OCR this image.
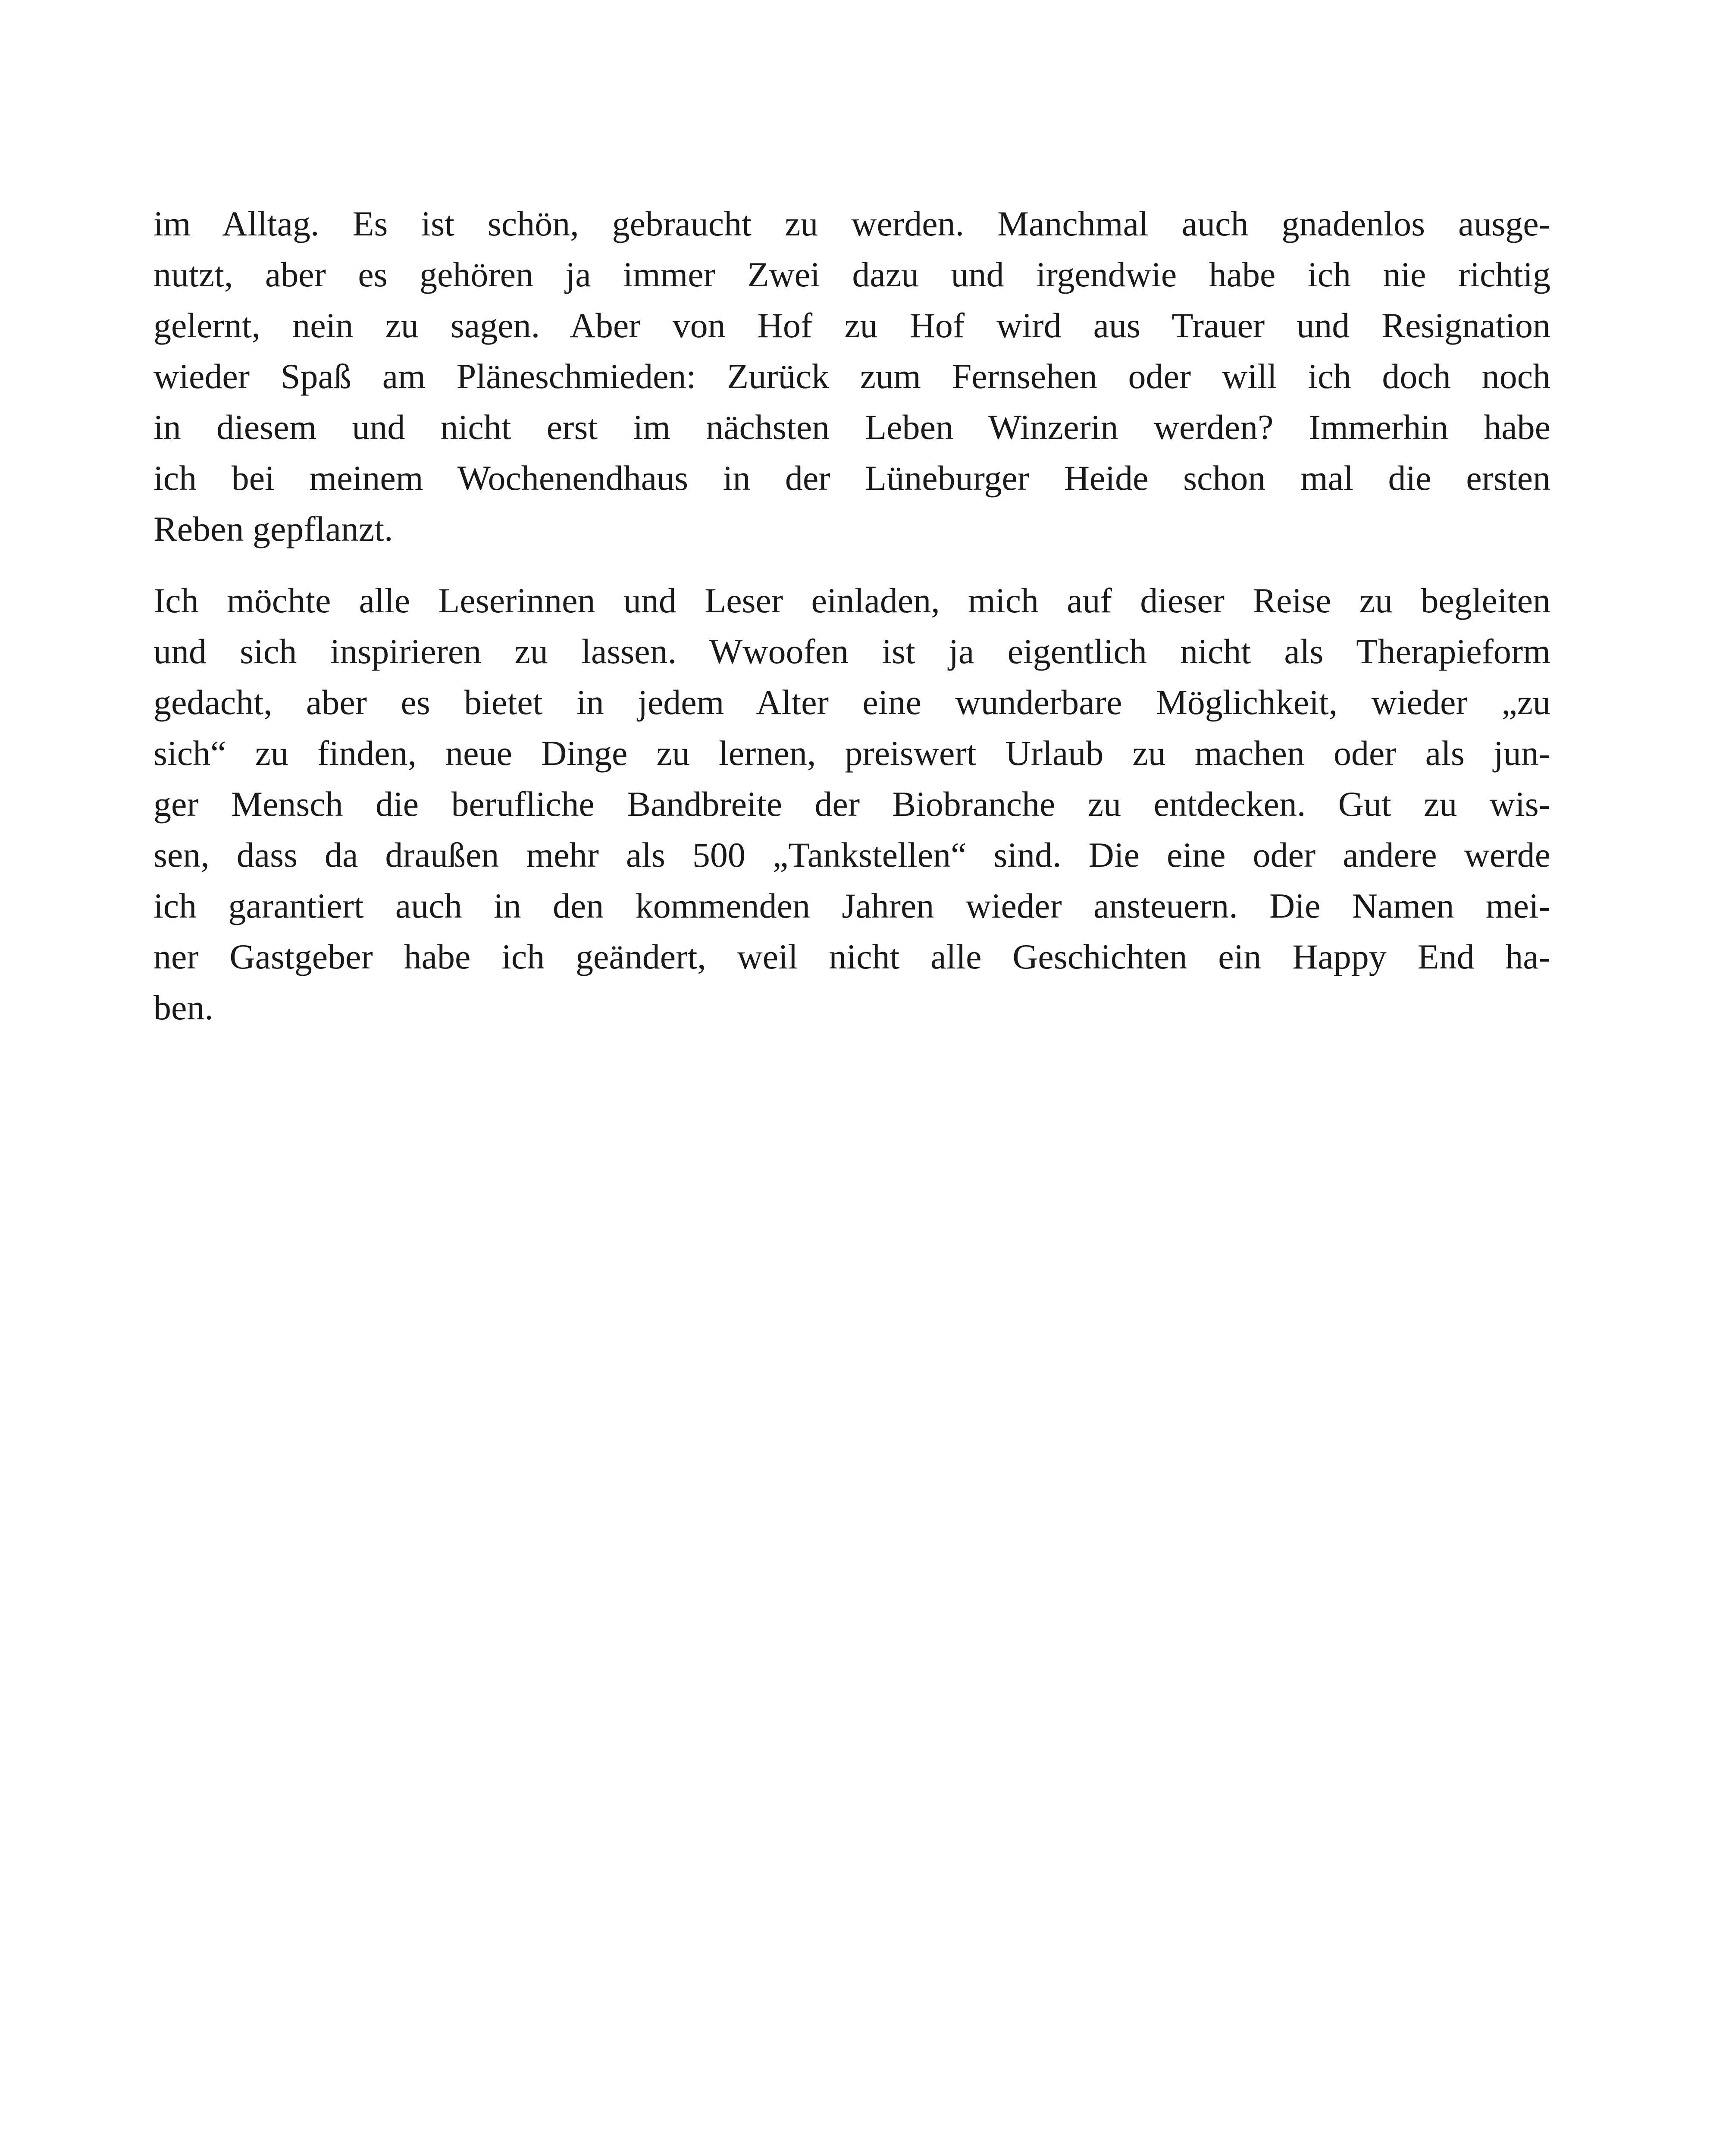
im Alltag. Es ist schön, gebraucht zu werden. Manchmal auch gnadenlos ausge-
nutzt, aber es gehören ja immer Zwei dazu und irgendwie habe ich nie richtig
gelernt, nein zu sagen. Aber von Hof zu Hof wird aus Trauer und Resignation
wieder Spaß am Pläneschmieden: Zurück zum Fernsehen oder will ich doch noch
in diesem und nicht erst im nächsten Leben Winzerin werden? Immerhin habe
ich bei meinem Wochenendhaus in der Lüneburger Heide schon mal die ersten
Reben gepflanzt.

Ich möchte alle Leserinnen und Leser einladen, mich auf dieser Reise zu begleiten
und sich inspirieren zu lassen. Wwoofen ist ja eigentlich nicht als Therapieform
gedacht, aber es bietet in jedem Alter eine wunderbare Möglichkeit, wieder „zu
sich“ zu finden, neue Dinge zu lernen, preiswert Urlaub zu machen oder als jun-
ger Mensch die berufliche Bandbreite der Biobranche zu entdecken. Gut zu wis-
sen, dass da draußen mehr als 500 „Tankstellen“ sind. Die eine oder andere werde
ich garantiert auch in den kommenden Jahren wieder ansteuern. Die Namen mei-
ner Gastgeber habe ich geändert, weil nicht alle Geschichten ein Happy End ha-
ben.
